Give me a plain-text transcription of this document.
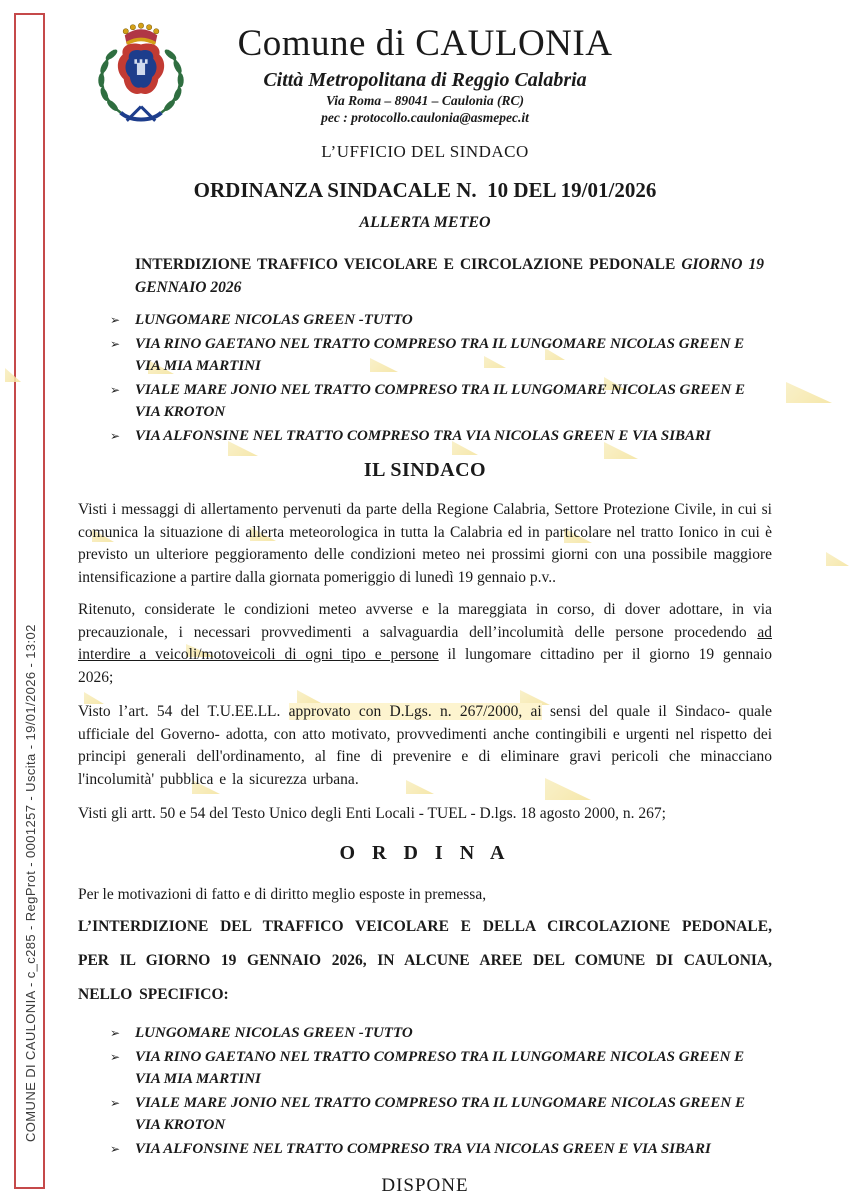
COMUNE DI CAULONIA - c_c285 - RegProt - 0001257 - Uscita - 19/01/2026 - 13:02
Comune di CAULONIA
Città Metropolitana di Reggio Calabria
Via Roma – 89041 – Caulonia (RC)
pec : protocollo.caulonia@asmepec.it
L’UFFICIO DEL SINDACO
ORDINANZA SINDACALE N.  10 DEL 19/01/2026
ALLERTA METEO
INTERDIZIONE TRAFFICO VEICOLARE E CIRCOLAZIONE PEDONALE GIORNO 19 GENNAIO 2026
➢ LUNGOMARE NICOLAS GREEN -TUTTO
➢ VIA RINO GAETANO NEL TRATTO COMPRESO TRA IL LUNGOMARE NICOLAS GREEN E VIA MIA MARTINI
➢ VIALE MARE JONIO NEL TRATTO COMPRESO TRA IL LUNGOMARE NICOLAS GREEN E VIA KROTON
➢ VIA ALFONSINE NEL TRATTO COMPRESO TRA VIA NICOLAS GREEN E VIA SIBARI
IL SINDACO
Visti i messaggi di allertamento pervenuti da parte della Regione Calabria, Settore Protezione Civile, in cui si comunica la situazione di allerta meteorologica in tutta la Calabria ed in particolare nel tratto Ionico in cui è previsto un ulteriore peggioramento delle condizioni meteo nei prossimi giorni con una possibile maggiore intensificazione a partire dalla giornata pomeriggio di lunedì 19 gennaio p.v..
Ritenuto, considerate le condizioni meteo avverse e la mareggiata in corso, di dover adottare, in via precauzionale, i necessari provvedimenti a salvaguardia dell’incolumità delle persone procedendo ad interdire a veicoli/motoveicoli di ogni tipo e persone il lungomare cittadino per il giorno 19 gennaio 2026;
Visto l’art. 54 del T.U.EE.LL. approvato con D.Lgs. n. 267/2000, ai sensi del quale il Sindaco- quale ufficiale del Governo- adotta, con atto motivato, provvedimenti anche contingibili e urgenti nel rispetto dei principi generali dell'ordinamento, al fine di prevenire e di eliminare gravi pericoli che minacciano l'incolumità' pubblica e la sicurezza urbana.
Visti gli artt. 50 e 54 del Testo Unico degli Enti Locali - TUEL - D.lgs. 18 agosto 2000, n. 267;
O R D I N A
Per le motivazioni di fatto e di diritto meglio esposte in premessa,
L’INTERDIZIONE DEL TRAFFICO VEICOLARE E DELLA CIRCOLAZIONE PEDONALE, PER IL GIORNO 19 GENNAIO 2026, IN ALCUNE AREE DEL COMUNE DI CAULONIA, NELLO SPECIFICO:
➢ LUNGOMARE NICOLAS GREEN -TUTTO
➢ VIA RINO GAETANO NEL TRATTO COMPRESO TRA IL LUNGOMARE NICOLAS GREEN E VIA MIA MARTINI
➢ VIALE MARE JONIO NEL TRATTO COMPRESO TRA IL LUNGOMARE NICOLAS GREEN E VIA KROTON
➢ VIA ALFONSINE NEL TRATTO COMPRESO TRA VIA NICOLAS GREEN E VIA SIBARI
DISPONE
